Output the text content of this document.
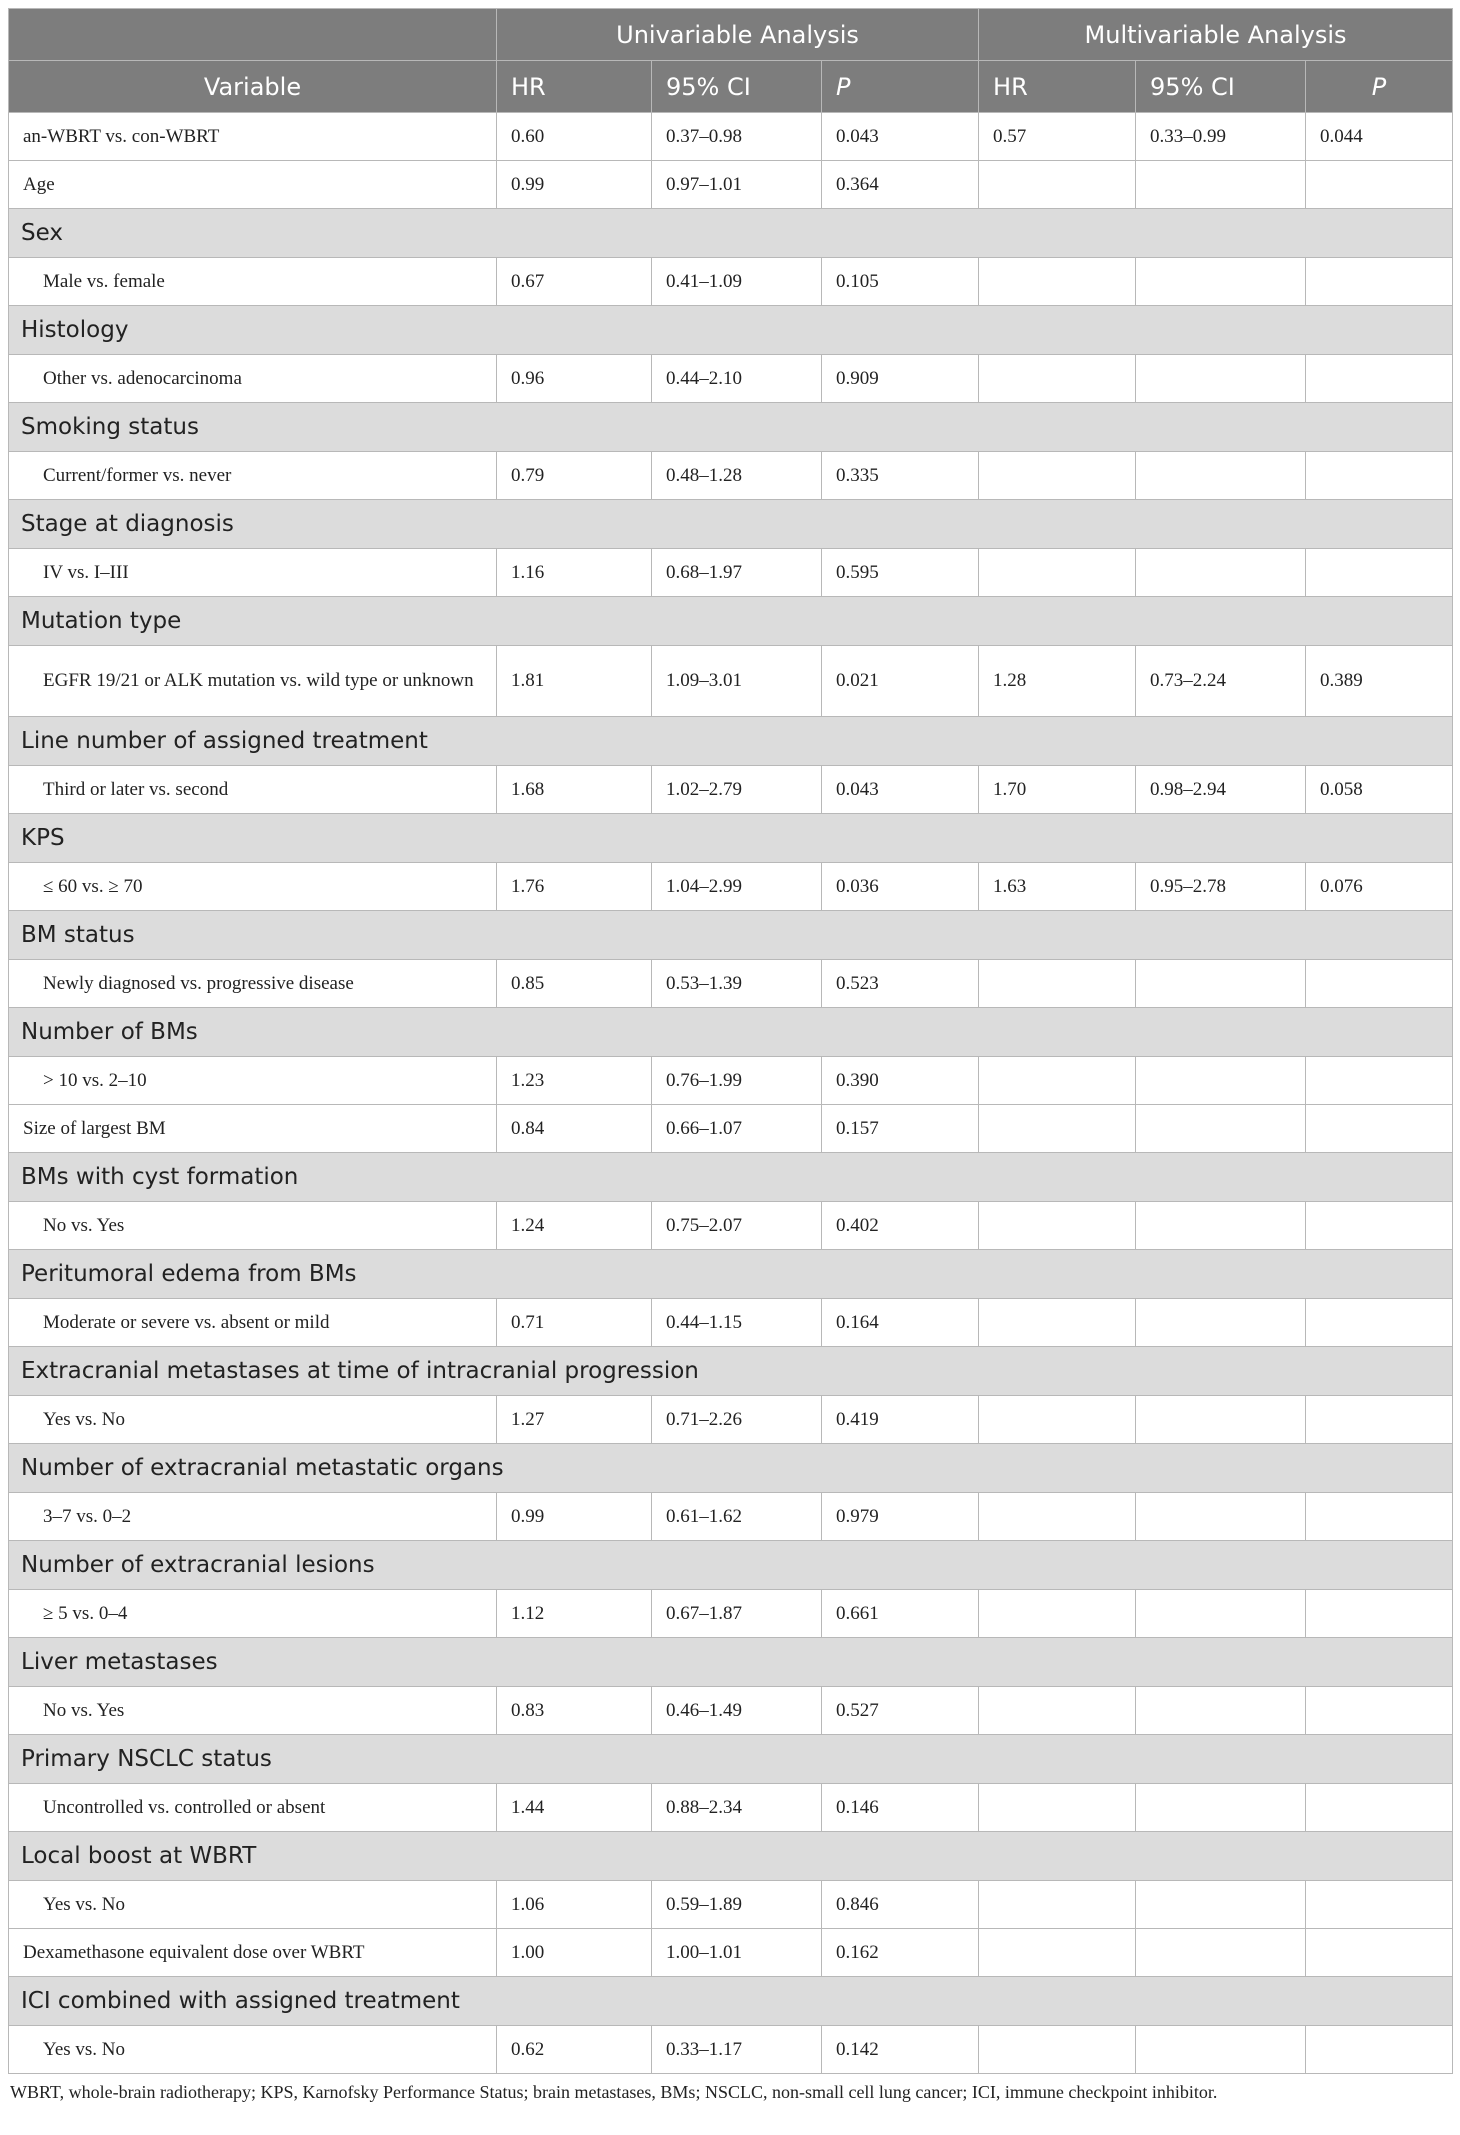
	Univariable Analysis			Multivariable Analysis		
Variable	HR	95% CI	P	HR	95% CI	P
an-WBRT vs. con-WBRT	0.60	0.37–0.98	0.043	0.57	0.33–0.99	0.044
Age	0.99	0.97–1.01	0.364			
Sex						
Male vs. female	0.67	0.41–1.09	0.105			
Histology						
Other vs. adenocarcinoma	0.96	0.44–2.10	0.909			
Smoking status						
Current/former vs. never	0.79	0.48–1.28	0.335			
Stage at diagnosis						
IV vs. I–III	1.16	0.68–1.97	0.595			
Mutation type						
EGFR 19/21 or ALK mutation vs. wild type or unknown	1.81	1.09–3.01	0.021	1.28	0.73–2.24	0.389
Line number of assigned treatment						
Third or later vs. second	1.68	1.02–2.79	0.043	1.70	0.98–2.94	0.058
KPS						
≤ 60 vs. ≥ 70	1.76	1.04–2.99	0.036	1.63	0.95–2.78	0.076
BM status						
Newly diagnosed vs. progressive disease	0.85	0.53–1.39	0.523			
Number of BMs						
> 10 vs. 2–10	1.23	0.76–1.99	0.390			
Size of largest BM	0.84	0.66–1.07	0.157			
BMs with cyst formation						
No vs. Yes	1.24	0.75–2.07	0.402			
Peritumoral edema from BMs						
Moderate or severe vs. absent or mild	0.71	0.44–1.15	0.164			
Extracranial metastases at time of intracranial progression						
Yes vs. No	1.27	0.71–2.26	0.419			
Number of extracranial metastatic organs						
3–7 vs. 0–2	0.99	0.61–1.62	0.979			
Number of extracranial lesions						
≥ 5 vs. 0–4	1.12	0.67–1.87	0.661			
Liver metastases						
No vs. Yes	0.83	0.46–1.49	0.527			
Primary NSCLC status						
Uncontrolled vs. controlled or absent	1.44	0.88–2.34	0.146			
Local boost at WBRT						
Yes vs. No	1.06	0.59–1.89	0.846			
Dexamethasone equivalent dose over WBRT	1.00	1.00–1.01	0.162			
ICI combined with assigned treatment						
Yes vs. No	0.62	0.33–1.17	0.142			
WBRT, whole-brain radiotherapy; KPS, Karnofsky Performance Status; brain metastases, BMs; NSCLC, non-small cell lung cancer; ICI, immune checkpoint inhibitor.
